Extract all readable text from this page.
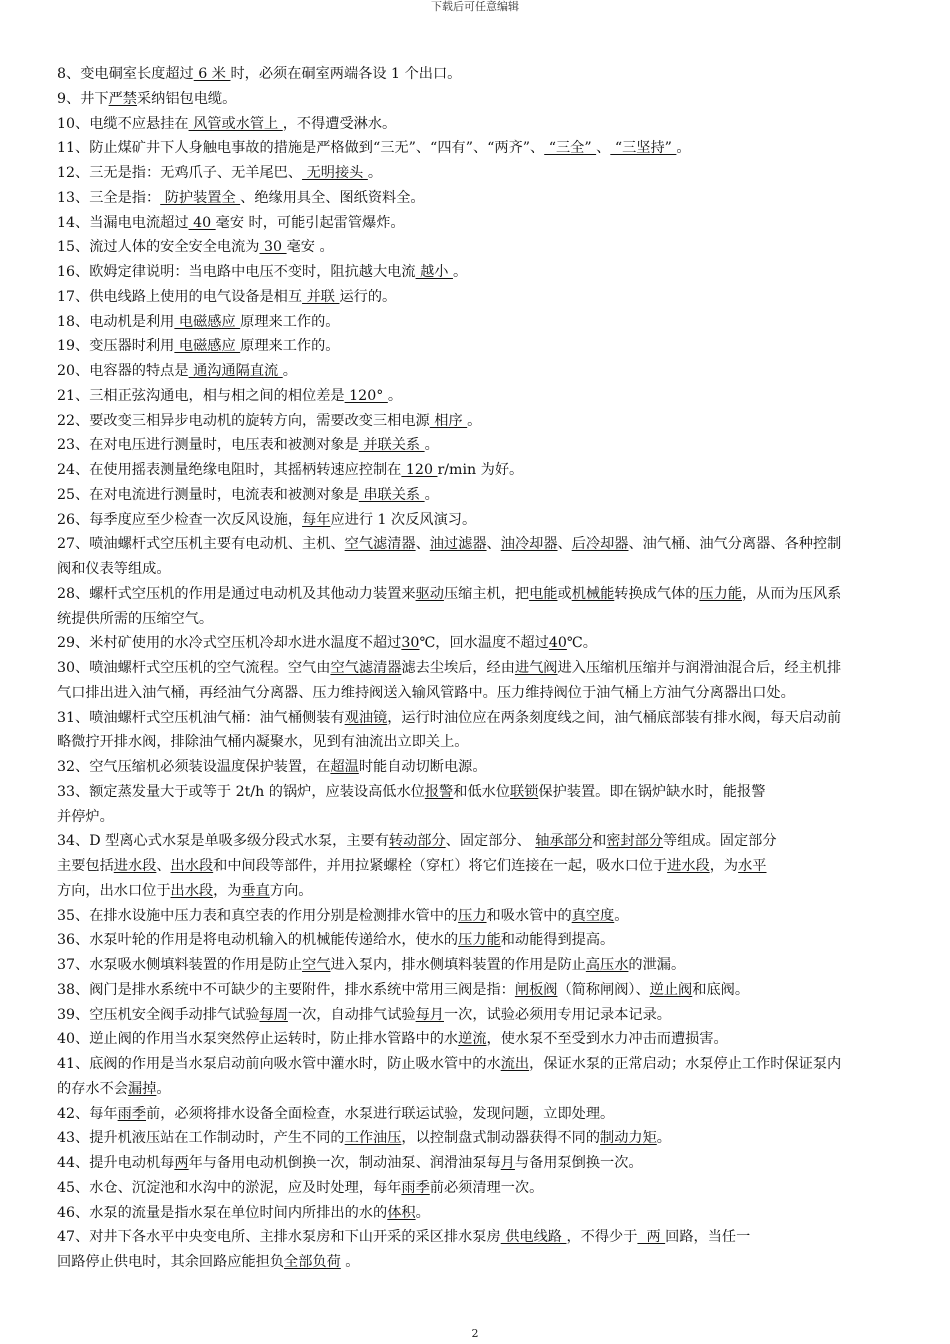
下载后可任意编辑
8、变电硐室长度超过 6 米 时，必须在硐室两端各设 1 个出口。
9、井下严禁采纳铝包电缆。
10、电缆不应悬挂在 风管或水管上 ，不得遭受淋水。
11、防止煤矿井下人身触电事故的措施是严格做到“三无”、“四有”、“两齐”、 “三全” 、 “三坚持” 。
12、三无是指：无鸡爪子、无羊尾巴、 无明接头 。
13、三全是指： 防护装置全 、绝缘用具全、图纸资料全。
14、当漏电电流超过 40 毫安 时，可能引起雷管爆炸。
15、流过人体的安全安全电流为 30 毫安 。
16、欧姆定律说明：当电路中电压不变时，阻抗越大电流 越小 。
17、供电线路上使用的电气设备是相互 并联 运行的。
18、电动机是利用 电磁感应 原理来工作的。
19、变压器时利用 电磁感应 原理来工作的。
20、电容器的特点是 通沟通隔直流 。
21、三相正弦沟通电，相与相之间的相位差是 120° 。
22、要改变三相异步电动机的旋转方向，需要改变三相电源 相序 。
23、在对电压进行测量时，电压表和被测对象是 并联关系 。
24、在使用摇表测量绝缘电阻时，其摇柄转速应控制在 120 r/min 为好。
25、在对电流进行测量时，电流表和被测对象是 串联关系 。
26、每季度应至少检查一次反风设施，每年应进行 1 次反风演习。
27、喷油螺杆式空压机主要有电动机、主机、空气滤清器、油过滤器、油冷却器、后冷却器、油气桶、油气分离器、各种控制
阀和仪表等组成。
28、螺杆式空压机的作用是通过电动机及其他动力装置来驱动压缩主机，把电能或机械能转换成气体的压力能，从而为压风系
统提供所需的压缩空气。
29、米村矿使用的水冷式空压机冷却水进水温度不超过30℃，回水温度不超过40℃。
30、喷油螺杆式空压机的空气流程。空气由空气滤清器滤去尘埃后，经由进气阀进入压缩机压缩并与润滑油混合后，经主机排
气口排出进入油气桶，再经油气分离器、压力维持阀送入输风管路中。压力维持阀位于油气桶上方油气分离器出口处。
31、喷油螺杆式空压机油气桶：油气桶侧装有观油镜，运行时油位应在两条刻度线之间，油气桶底部装有排水阀，每天启动前
略微拧开排水阀，排除油气桶内凝聚水，见到有油流出立即关上。
32、空气压缩机必须装设温度保护装置，在超温时能自动切断电源。
33、额定蒸发量大于或等于 2t/h 的锅炉，应装设高低水位报警和低水位联锁保护装置。即在锅炉缺水时，能报警
并停炉。
34、D 型离心式水泵是单吸多级分段式水泵，主要有转动部分、固定部分、 轴承部分和密封部分等组成。固定部分
主要包括进水段、出水段和中间段等部件，并用拉紧螺栓（穿杠）将它们连接在一起，吸水口位于进水段，为水平
方向，出水口位于出水段，为垂直方向。
35、在排水设施中压力表和真空表的作用分别是检测排水管中的压力和吸水管中的真空度。
36、水泵叶轮的作用是将电动机输入的机械能传递给水，使水的压力能和动能得到提高。
37、水泵吸水侧填料装置的作用是防止空气进入泵内，排水侧填料装置的作用是防止高压水的泄漏。
38、阀门是排水系统中不可缺少的主要附件，排水系统中常用三阀是指：闸板阀（简称闸阀）、逆止阀和底阀。
39、空压机安全阀手动排气试验每周一次，自动排气试验每月一次，试验必须用专用记录本记录。
40、逆止阀的作用当水泵突然停止运转时，防止排水管路中的水逆流，使水泵不至受到水力冲击而遭损害。
41、底阀的作用是当水泵启动前向吸水管中灌水时，防止吸水管中的水流出，保证水泵的正常启动；水泵停止工作时保证泵内
的存水不会漏掉。
42、每年雨季前，必须将排水设备全面检查，水泵进行联运试验，发现问题，立即处理。
43、提升机液压站在工作制动时，产生不同的工作油压，以控制盘式制动器获得不同的制动力矩。
44、提升电动机每两年与备用电动机倒换一次，制动油泵、润滑油泵每月与备用泵倒换一次。
45、水仓、沉淀池和水沟中的淤泥，应及时处理，每年雨季前必须清理一次。
46、水泵的流量是指水泵在单位时间内所排出的水的体积。
47、对井下各水平中央变电所、主排水泵房和下山开采的采区排水泵房 供电线路 ，不得少于  两 回路，当任一
回路停止供电时，其余回路应能担负全部负荷 。
2
